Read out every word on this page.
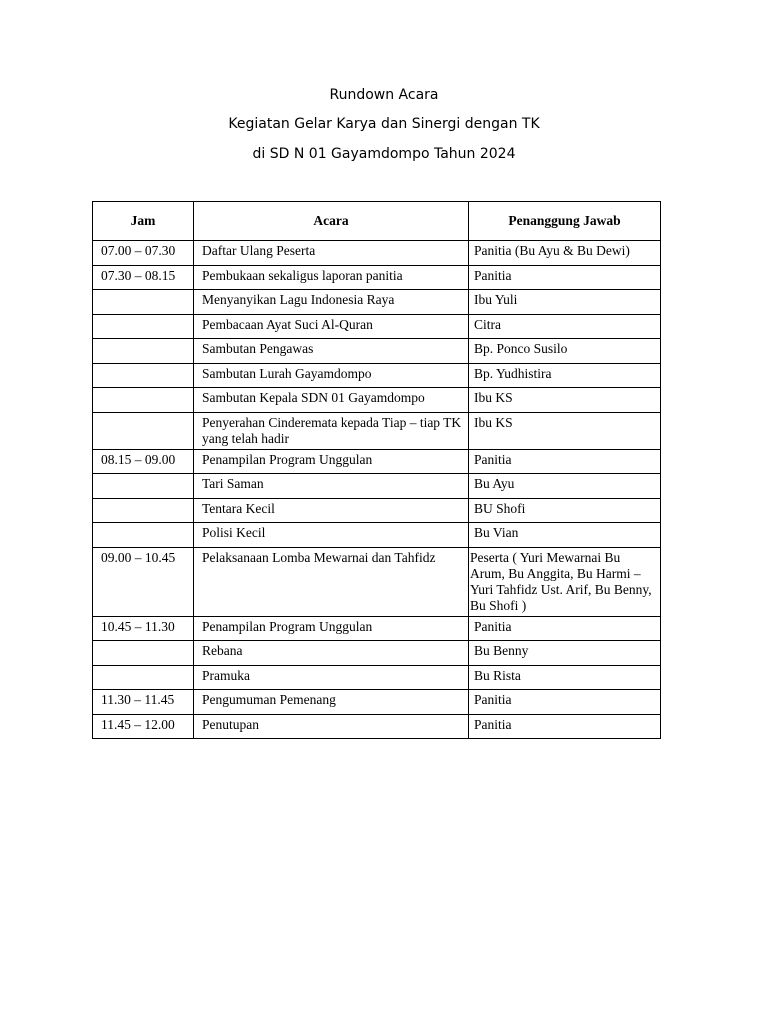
Rundown Acara
Kegiatan Gelar Karya dan Sinergi dengan TK
di SD N 01 Gayamdompo Tahun 2024
Jam	Acara	Penanggung Jawab
07.00 – 07.30	Daftar Ulang Peserta	Panitia (Bu Ayu & Bu Dewi)
07.30 – 08.15	Pembukaan sekaligus laporan panitia	Panitia
	Menyanyikan Lagu Indonesia Raya	Ibu Yuli
	Pembacaan Ayat Suci Al-Quran	Citra
	Sambutan Pengawas	Bp. Ponco Susilo
	Sambutan Lurah Gayamdompo	Bp. Yudhistira
	Sambutan Kepala SDN 01 Gayamdompo	Ibu KS
	Penyerahan Cinderemata kepada Tiap – tiap TK yang telah hadir	Ibu KS
08.15 – 09.00	Penampilan Program Unggulan	Panitia
	Tari Saman	Bu Ayu
	Tentara Kecil	BU Shofi
	Polisi Kecil	Bu Vian
09.00 – 10.45	Pelaksanaan Lomba Mewarnai dan Tahfidz	Peserta ( Yuri Mewarnai Bu Arum, Bu Anggita, Bu Harmi – Yuri Tahfidz Ust. Arif, Bu Benny, Bu Shofi )
10.45 – 11.30	Penampilan Program Unggulan	Panitia
	Rebana	Bu Benny
	Pramuka	Bu Rista
11.30 – 11.45	Pengumuman Pemenang	Panitia
11.45 – 12.00	Penutupan	Panitia
